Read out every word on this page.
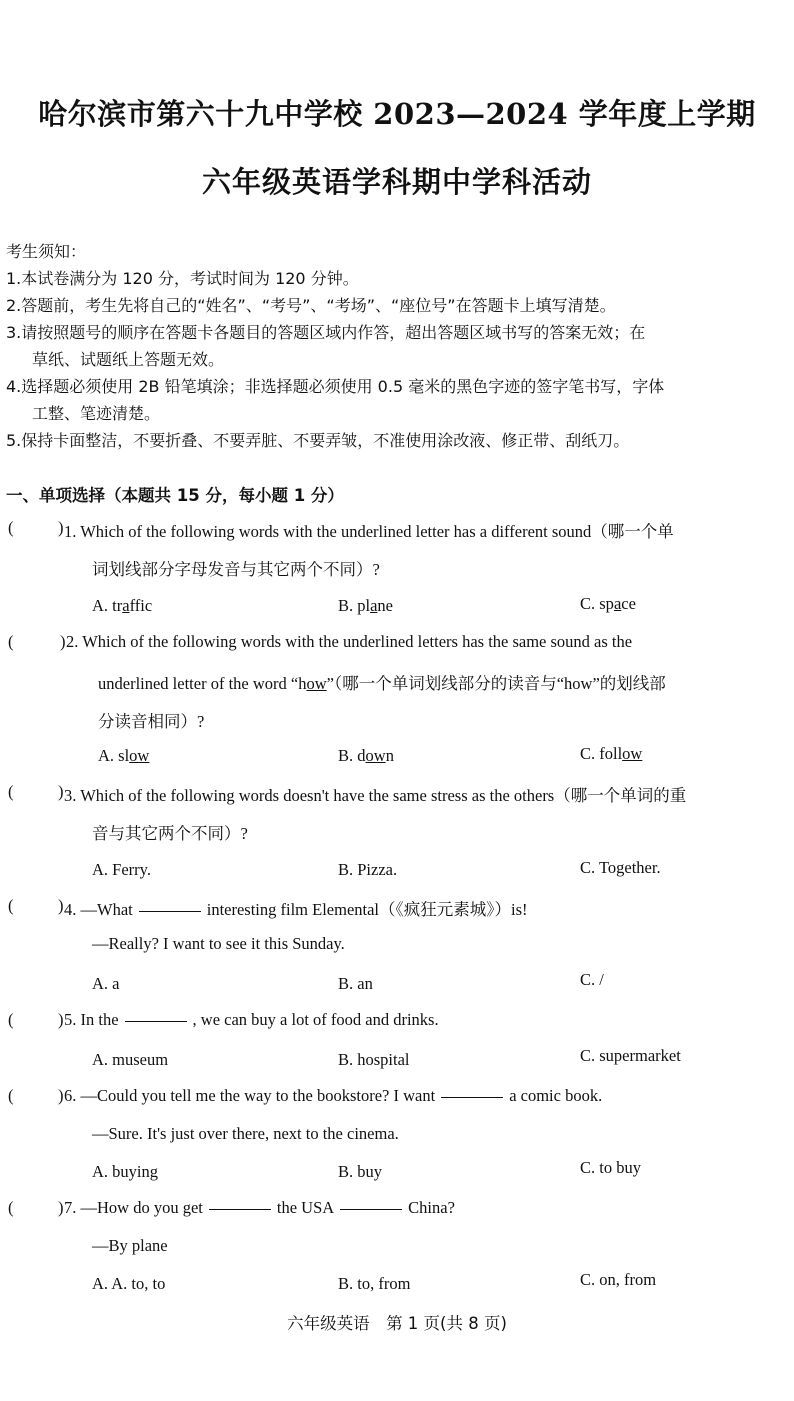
哈尔滨市第六十九中学校 2023—2024 学年度上学期
六年级英语学科期中学科活动
考生须知：
1.本试卷满分为 120 分，考试时间为 120 分钟。
2.答题前，考生先将自己的“姓名”、“考号”、“考场”、“座位号”在答题卡上填写清楚。
3.请按照题号的顺序在答题卡各题目的答题区域内作答，超出答题区域书写的答案无效；在
草纸、试题纸上答题无效。
4.选择题必须使用 2B 铅笔填涂；非选择题必须使用 0.5 毫米的黑色字迹的签字笔书写，字体
工整、笔迹清楚。
5.保持卡面整洁，不要折叠、不要弄脏、不要弄皱，不准使用涂改液、修正带、刮纸刀。
一、单项选择（本题共 15 分，每小题 1 分）
(	) 1. Which of the following words with the underlined letter has a different sound（哪一个单
词划线部分字母发音与其它两个不同）?
A. traffic	B. plane	C. space
(	) 2. Which of the following words with the underlined letters has the same sound as the
underlined letter of the word “how”（哪一个单词划线部分的读音与“how”的划线部
分读音相同）?
A. slow	B. down	C. follow
(	) 3. Which of the following words doesn't have the same stress as the others（哪一个单词的重
音与其它两个不同）?
A. Ferry.	B. Pizza.	C. Together.
(	) 4. —What	interesting film Elemental（《疯狂元素城》）is!
—Really? I want to see it this Sunday.
A. a	B. an	C. /
(	) 5. In the	, we can buy a lot of food and drinks.
A. museum	B. hospital	C. supermarket
(	) 6. —Could you tell me the way to the bookstore? I want	a comic book.
—Sure. It's just over there, next to the cinema.
A. buying	B. buy	C. to buy
(	) 7. —How do you get	the USA	China?
—By plane
A. A. to, to	B. to, from	C. on, from
六年级英语　第 1 页(共 8 页)
